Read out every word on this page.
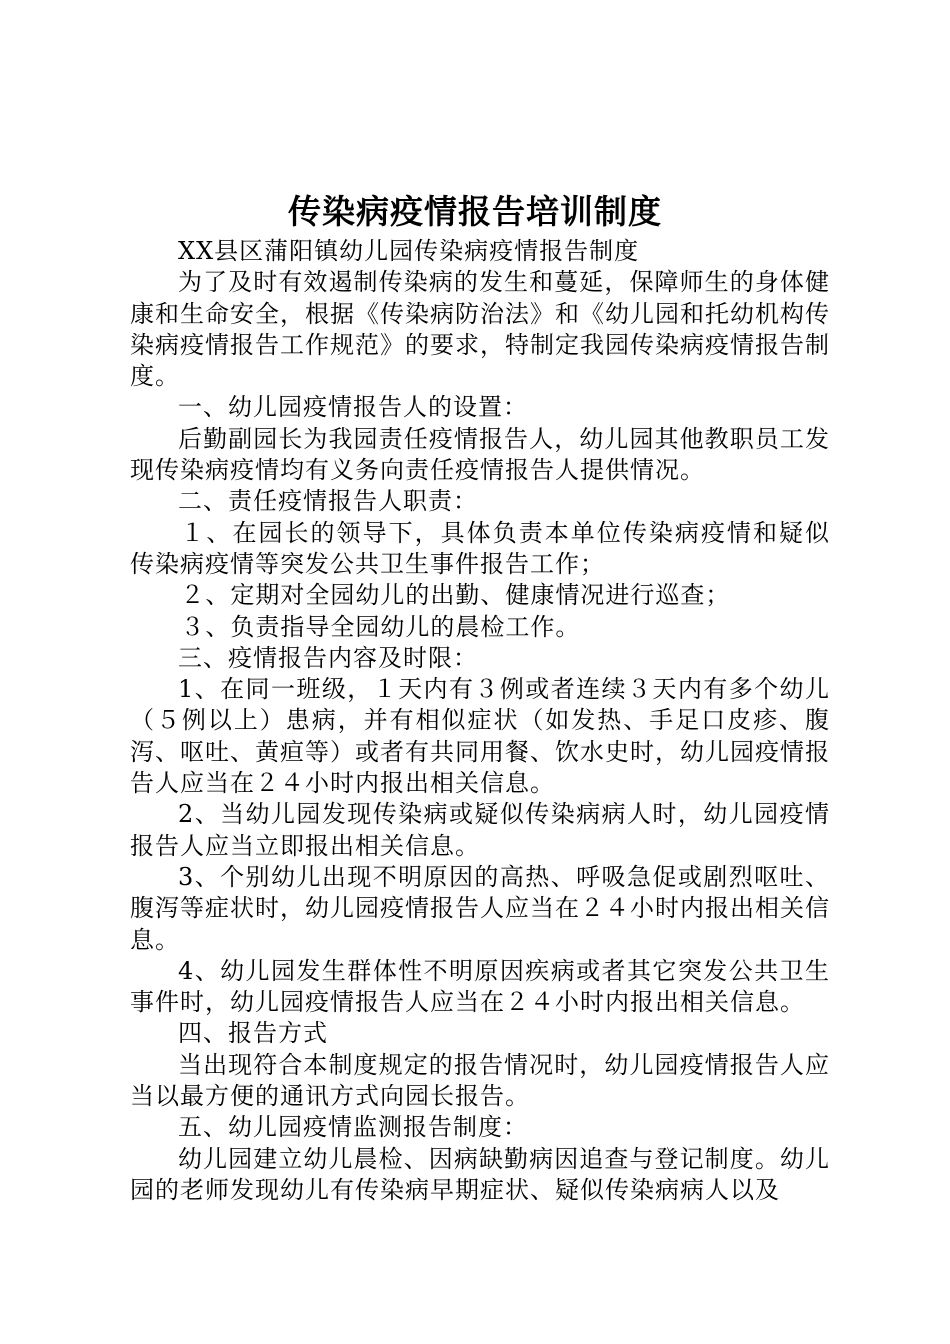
传染病疫情报告培训制度

XX县区蒲阳镇幼儿园传染病疫情报告制度

为了及时有效遏制传染病的发生和蔓延，保障师生的身体健康和生命安全，根据《传染病防治法》和《幼儿园和托幼机构传染病疫情报告工作规范》的要求，特制定我园传染病疫情报告制度。

一、幼儿园疫情报告人的设置：

后勤副园长为我园责任疫情报告人，幼儿园其他教职员工发现传染病疫情均有义务向责任疫情报告人提供情况。

二、责任疫情报告人职责：

１、在园长的领导下，具体负责本单位传染病疫情和疑似传染病疫情等突发公共卫生事件报告工作；

２、定期对全园幼儿的出勤、健康情况进行巡查；

３、负责指导全园幼儿的晨检工作。

三、疫情报告内容及时限：

1、在同一班级，１天内有３例或者连续３天内有多个幼儿（５例以上）患病，并有相似症状（如发热、手足口皮疹、腹泻、呕吐、黄疸等）或者有共同用餐、饮水史时，幼儿园疫情报告人应当在２４小时内报出相关信息。

2、当幼儿园发现传染病或疑似传染病病人时，幼儿园疫情报告人应当立即报出相关信息。

3、个别幼儿出现不明原因的高热、呼吸急促或剧烈呕吐、腹泻等症状时，幼儿园疫情报告人应当在２４小时内报出相关信息。

4、幼儿园发生群体性不明原因疾病或者其它突发公共卫生事件时，幼儿园疫情报告人应当在２４小时内报出相关信息。

四、报告方式

当出现符合本制度规定的报告情况时，幼儿园疫情报告人应当以最方便的通讯方式向园长报告。

五、幼儿园疫情监测报告制度：

幼儿园建立幼儿晨检、因病缺勤病因追查与登记制度。幼儿园的老师发现幼儿有传染病早期症状、疑似传染病病人以及
